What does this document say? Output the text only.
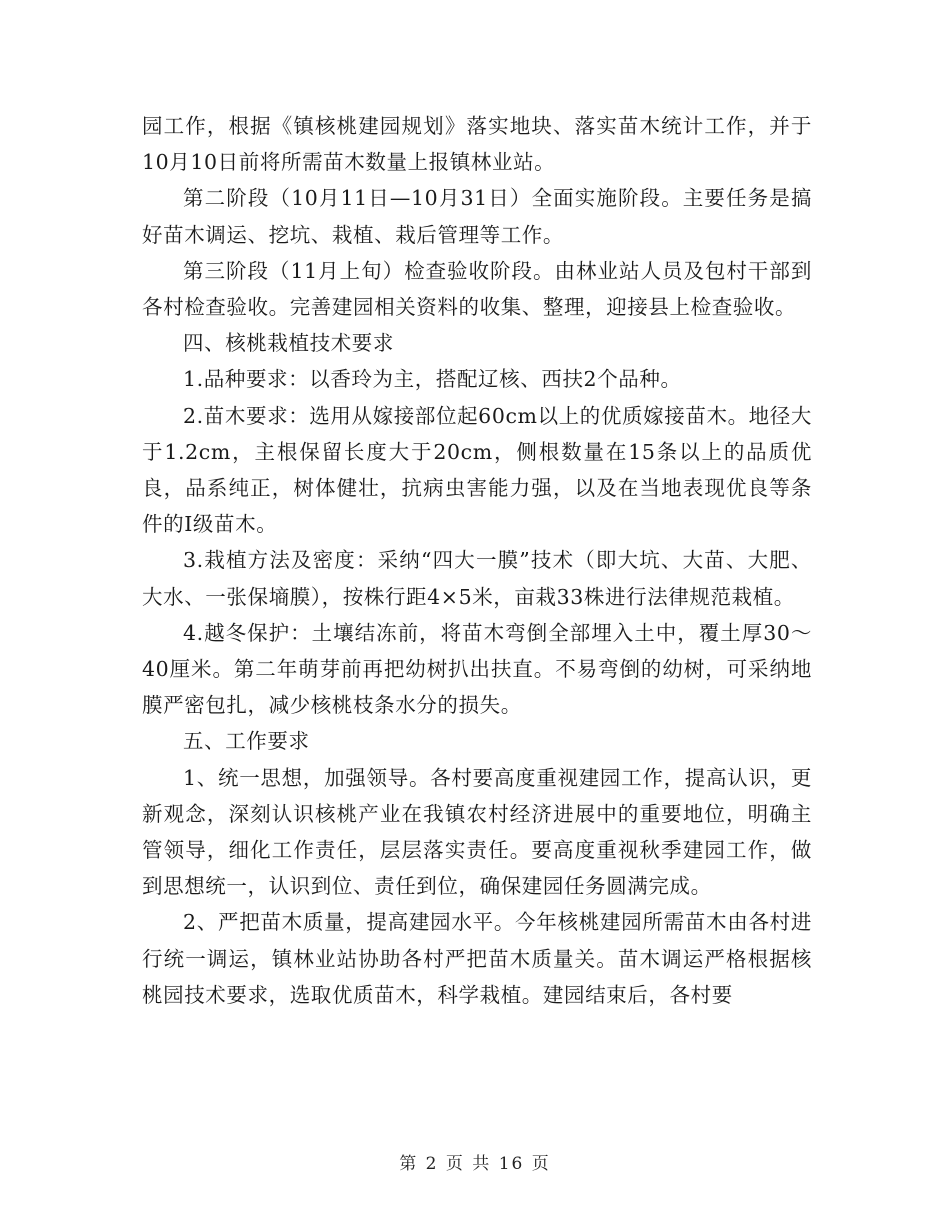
园工作，根据《镇核桃建园规划》落实地块、落实苗木统计工作，并于10月10日前将所需苗木数量上报镇林业站。

第二阶段（10月11日—10月31日）全面实施阶段。主要任务是搞好苗木调运、挖坑、栽植、栽后管理等工作。

第三阶段（11月上旬）检查验收阶段。由林业站人员及包村干部到各村检查验收。完善建园相关资料的收集、整理，迎接县上检查验收。

四、核桃栽植技术要求

1.品种要求：以香玲为主，搭配辽核、西扶2个品种。

2.苗木要求：选用从嫁接部位起60cm以上的优质嫁接苗木。地径大于1.2cm，主根保留长度大于20cm，侧根数量在15条以上的品质优良，品系纯正，树体健壮，抗病虫害能力强，以及在当地表现优良等条件的Ⅰ级苗木。

3.栽植方法及密度：采纳“四大一膜”技术（即大坑、大苗、大肥、大水、一张保墒膜），按株行距4×5米，亩栽33株进行法律规范栽植。

4.越冬保护：土壤结冻前，将苗木弯倒全部埋入土中，覆土厚30～40厘米。第二年萌芽前再把幼树扒出扶直。不易弯倒的幼树，可采纳地膜严密包扎，减少核桃枝条水分的损失。

五、工作要求

1、统一思想，加强领导。各村要高度重视建园工作，提高认识，更新观念，深刻认识核桃产业在我镇农村经济进展中的重要地位，明确主管领导，细化工作责任，层层落实责任。要高度重视秋季建园工作，做到思想统一，认识到位、责任到位，确保建园任务圆满完成。

2、严把苗木质量，提高建园水平。今年核桃建园所需苗木由各村进行统一调运，镇林业站协助各村严把苗木质量关。苗木调运严格根据核桃园技术要求，选取优质苗木，科学栽植。建园结束后，各村要

第 2 页 共 16 页
